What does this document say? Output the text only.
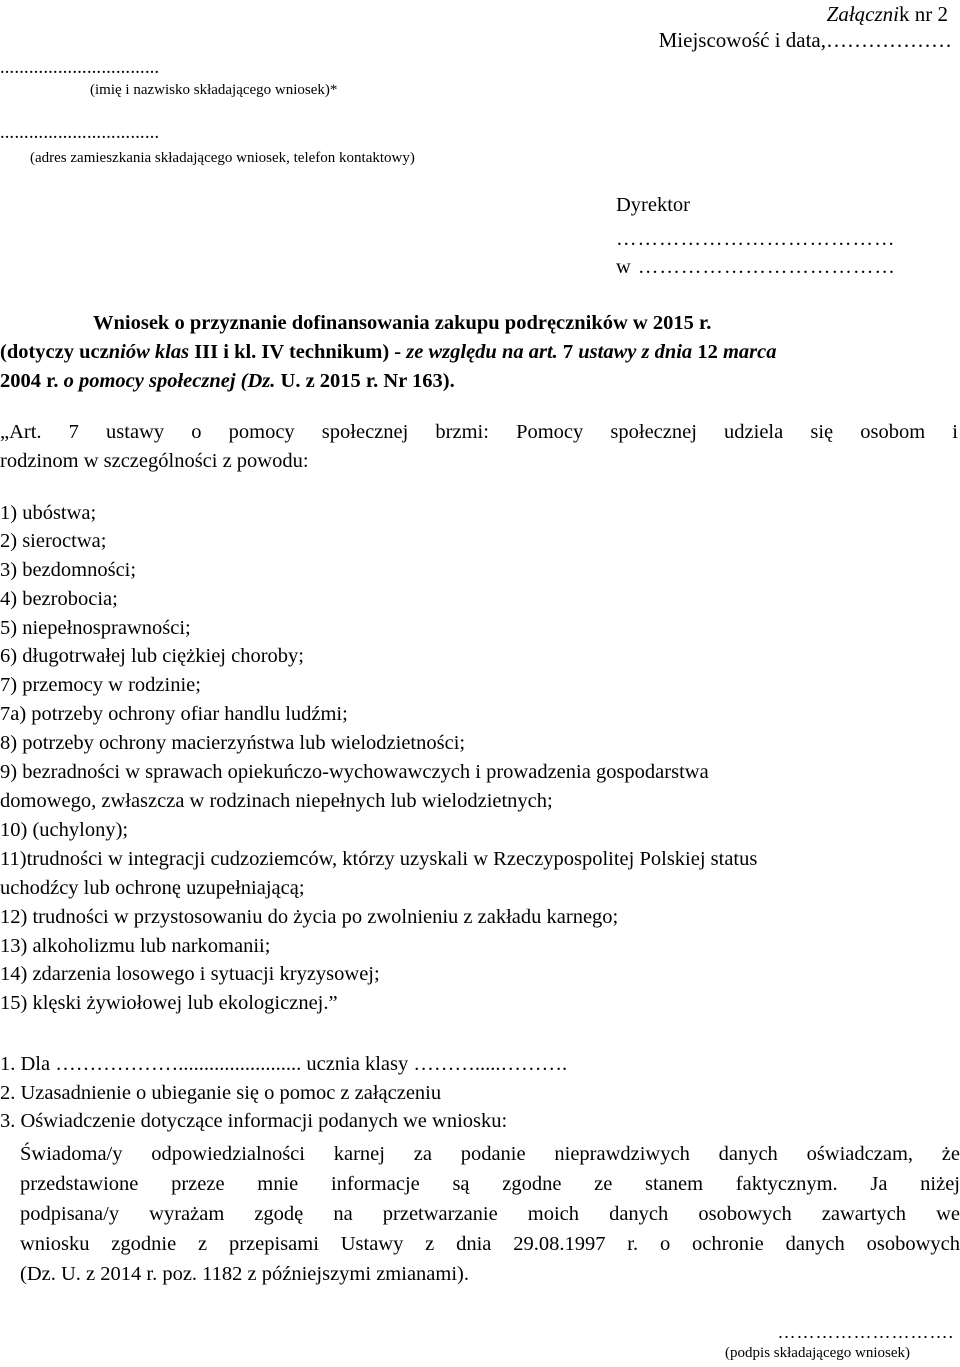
Załącznik nr 2
Miejscowość i data,………………
……………………………
(imię i nazwisko składającego wniosek)*
……………………………
(adres zamieszkania składającego wniosek, telefon kontaktowy)
Dyrektor
…………………………………
w ………………………………
Wniosek o przyznanie dofinansowania zakupu podręczników w 2015 r.
(dotyczy uczniów klas III i kl. IV technikum) - ze względu na art. 7 ustawy z dnia 12 marca
2004 r. o pomocy społecznej (Dz. U. z 2015 r. Nr 163).
„Art. 7 ustawy o pomocy społecznej brzmi: Pomocy społecznej udziela się osobom i
rodzinom w szczególności z powodu:
1) ubóstwa;
2) sieroctwa;
3) bezdomności;
4) bezrobocia;
5) niepełnosprawności;
6) długotrwałej lub ciężkiej choroby;
7) przemocy w rodzinie;
7a) potrzeby ochrony ofiar handlu ludźmi;
8) potrzeby ochrony macierzyństwa lub wielodzietności;
9) bezradności w sprawach opiekuńczo-wychowawczych i prowadzenia gospodarstwa
domowego, zwłaszcza w rodzinach niepełnych lub wielodzietnych;
10) (uchylony);
11)trudności w integracji cudzoziemców, którzy uzyskali w Rzeczypospolitej Polskiej status
uchodźcy lub ochronę uzupełniającą;
12) trudności w przystosowaniu do życia po zwolnieniu z zakładu karnego;
13) alkoholizmu lub narkomanii;
14) zdarzenia losowego i sytuacji kryzysowej;
15) klęski żywiołowej lub ekologicznej.”
1. Dla ………………........................ ucznia klasy ……….....……….
2. Uzasadnienie o ubieganie się o pomoc z załączeniu
3. Oświadczenie dotyczące informacji podanych we wniosku:
Świadoma/y odpowiedzialności karnej za podanie nieprawdziwych danych oświadczam, że
przedstawione przeze mnie informacje są zgodne ze stanem faktycznym. Ja niżej
podpisana/y wyrażam zgodę na przetwarzanie moich danych osobowych zawartych we
wniosku zgodnie z przepisami Ustawy z dnia 29.08.1997 r. o ochronie danych osobowych
(Dz. U. z 2014 r. poz. 1182 z późniejszymi zmianami).
……………………….
(podpis składającego wniosek)
